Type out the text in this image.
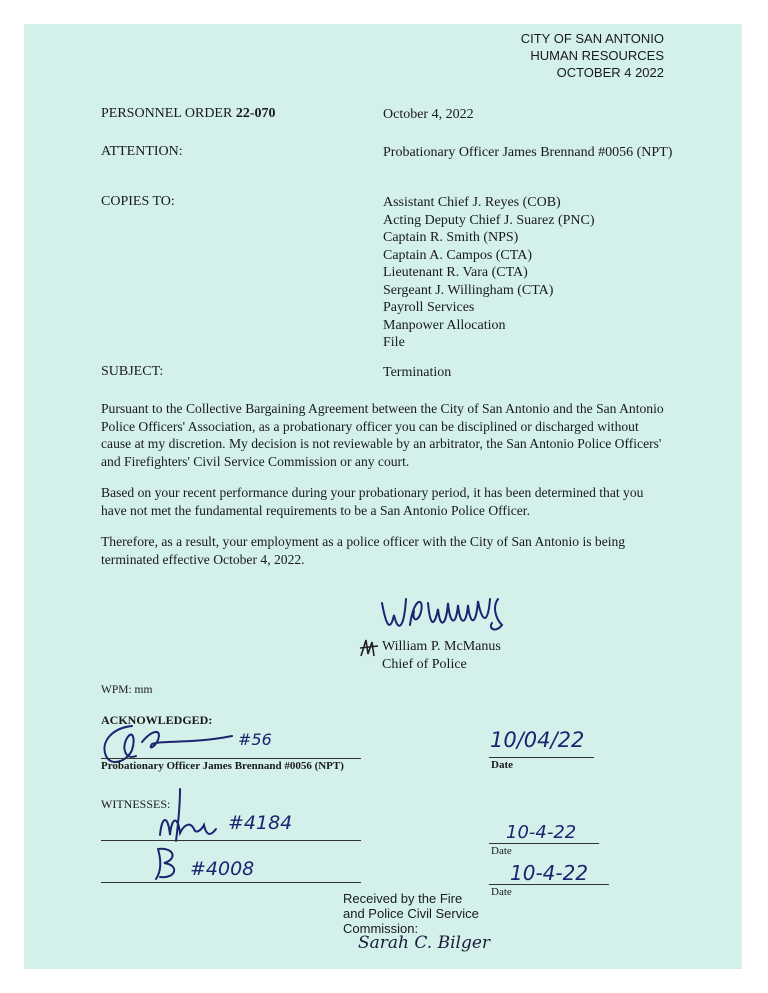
CITY OF SAN ANTONIO
HUMAN RESOURCES
OCTOBER 4 2022
PERSONNEL ORDER 22-070	October 4, 2022
ATTENTION:	Probationary Officer James Brennand #0056 (NPT)
COPIES TO:	Assistant Chief J. Reyes (COB)
Acting Deputy Chief J. Suarez (PNC)
Captain R. Smith (NPS)
Captain A. Campos (CTA)
Lieutenant R. Vara (CTA)
Sergeant J. Willingham (CTA)
Payroll Services
Manpower Allocation
File
SUBJECT:	Termination

Pursuant to the Collective Bargaining Agreement between the City of San Antonio and the San Antonio Police Officers' Association, as a probationary officer you can be disciplined or discharged without cause at my discretion. My decision is not reviewable by an arbitrator, the San Antonio Police Officers' and Firefighters' Civil Service Commission or any court.

Based on your recent performance during your probationary period, it has been determined that you have not met the fundamental requirements to be a San Antonio Police Officer.

Therefore, as a result, your employment as a police officer with the City of San Antonio is being terminated effective October 4, 2022.

William P. McManus
Chief of Police
WPM: mm
ACKNOWLEDGED:
#56
Probationary Officer James Brennand #0056 (NPT)
10/04/22
Date
WITNESSES:
#4184
#4008
10-4-22
Date
10-4-22
Date
Received by the Fire
and Police Civil Service
Commission:
Sarah C. Bilger
